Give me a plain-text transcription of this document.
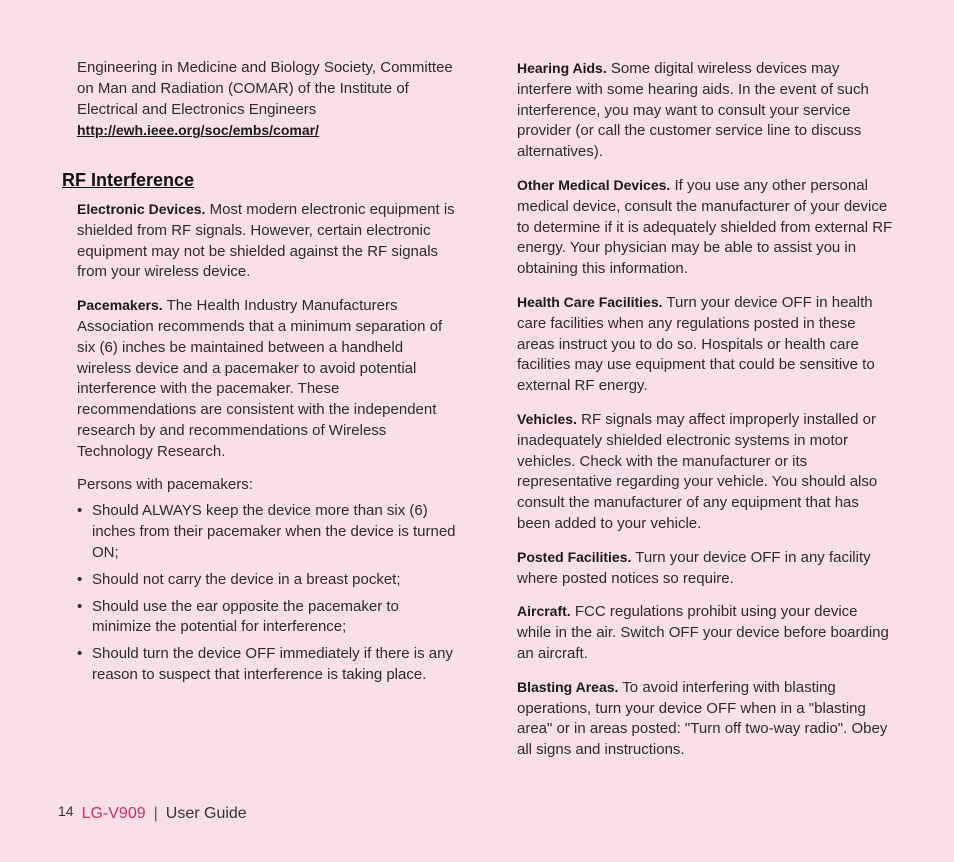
Engineering in Medicine and Biology Society, Committee on Man and Radiation (COMAR) of the Institute of Electrical and Electronics Engineers

http://ewh.ieee.org/soc/embs/comar/

RF Interference

Electronic Devices. Most modern electronic equipment is shielded from RF signals. However, certain electronic equipment may not be shielded against the RF signals from your wireless device.

Pacemakers. The Health Industry Manufacturers Association recommends that a minimum separation of six (6) inches be maintained between a handheld wireless device and a pacemaker to avoid potential interference with the pacemaker. These recommendations are consistent with the independent research by and recommendations of Wireless Technology Research.

Persons with pacemakers:

• Should ALWAYS keep the device more than six (6) inches from their pacemaker when the device is turned ON;
• Should not carry the device in a breast pocket;
• Should use the ear opposite the pacemaker to minimize the potential for interference;
• Should turn the device OFF immediately if there is any reason to suspect that interference is taking place.

Hearing Aids. Some digital wireless devices may interfere with some hearing aids. In the event of such interference, you may want to consult your service provider (or call the customer service line to discuss alternatives).

Other Medical Devices. If you use any other personal medical device, consult the manufacturer of your device to determine if it is adequately shielded from external RF energy. Your physician may be able to assist you in obtaining this information.

Health Care Facilities. Turn your device OFF in health care facilities when any regulations posted in these areas instruct you to do so. Hospitals or health care facilities may use equipment that could be sensitive to external RF energy.

Vehicles. RF signals may affect improperly installed or inadequately shielded electronic systems in motor vehicles. Check with the manufacturer or its representative regarding your vehicle. You should also consult the manufacturer of any equipment that has been added to your vehicle.

Posted Facilities. Turn your device OFF in any facility where posted notices so require.

Aircraft. FCC regulations prohibit using your device while in the air. Switch OFF your device before boarding an aircraft.

Blasting Areas. To avoid interfering with blasting operations, turn your device OFF when in a "blasting area" or in areas posted: "Turn off two-way radio". Obey all signs and instructions.

14 LG-V909 | User Guide
